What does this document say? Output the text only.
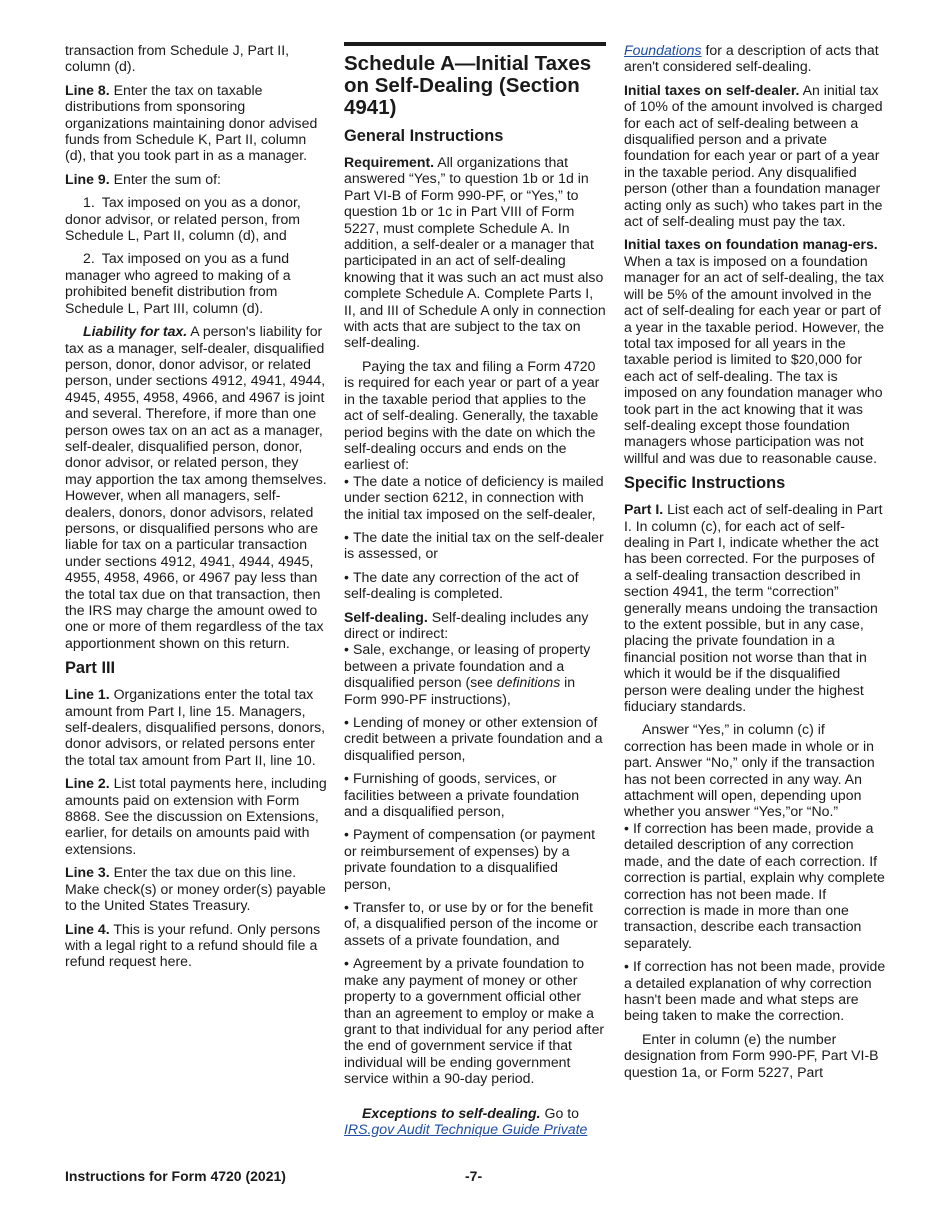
transaction from Schedule J, Part II, column (d).

Line 8. Enter the tax on taxable distributions from sponsoring organizations maintaining donor advised funds from Schedule K, Part II, column (d), that you took part in as a manager.

Line 9. Enter the sum of:

1. Tax imposed on you as a donor, donor advisor, or related person, from Schedule L, Part II, column (d), and

2. Tax imposed on you as a fund manager who agreed to making of a prohibited benefit distribution from Schedule L, Part III, column (d).

Liability for tax. A person's liability for tax as a manager, self-dealer, disqualified person, donor, donor advisor, or related person, under sections 4912, 4941, 4944, 4945, 4955, 4958, 4966, and 4967 is joint and several. Therefore, if more than one person owes tax on an act as a manager, self-dealer, disqualified person, donor, donor advisor, or related person, they may apportion the tax among themselves. However, when all managers, self-dealers, donors, donor advisors, related persons, or disqualified persons who are liable for tax on a particular transaction under sections 4912, 4941, 4944, 4945, 4955, 4958, 4966, or 4967 pay less than the total tax due on that transaction, then the IRS may charge the amount owed to one or more of them regardless of the tax apportionment shown on this return.

Part III

Line 1. Organizations enter the total tax amount from Part I, line 15. Managers, self-dealers, disqualified persons, donors, donor advisors, or related persons enter the total tax amount from Part II, line 10.

Line 2. List total payments here, including amounts paid on extension with Form 8868. See the discussion on Extensions, earlier, for details on amounts paid with extensions.

Line 3. Enter the tax due on this line. Make check(s) or money order(s) payable to the United States Treasury.

Line 4. This is your refund. Only persons with a legal right to a refund should file a refund request here.

Schedule A—Initial Taxes on Self-Dealing (Section 4941)
General Instructions

Requirement. All organizations that answered “Yes,” to question 1b or 1d in Part VI-B of Form 990-PF, or “Yes,” to question 1b or 1c in Part VIII of Form 5227, must complete Schedule A. In addition, a self-dealer or a manager that participated in an act of self-dealing knowing that it was such an act must also complete Schedule A. Complete Parts I, II, and III of Schedule A only in connection with acts that are subject to the tax on self-dealing.

Paying the tax and filing a Form 4720 is required for each year or part of a year in the taxable period that applies to the act of self-dealing. Generally, the taxable period begins with the date on which the self-dealing occurs and ends on the earliest of:

• The date a notice of deficiency is mailed under section 6212, in connection with the initial tax imposed on the self-dealer,

• The date the initial tax on the self-dealer is assessed, or

• The date any correction of the act of self-dealing is completed.

Self-dealing. Self-dealing includes any direct or indirect:

• Sale, exchange, or leasing of property between a private foundation and a disqualified person (see definitions in Form 990-PF instructions),

• Lending of money or other extension of credit between a private foundation and a disqualified person,

• Furnishing of goods, services, or facilities between a private foundation and a disqualified person,

• Payment of compensation (or payment or reimbursement of expenses) by a private foundation to a disqualified person,

• Transfer to, or use by or for the benefit of, a disqualified person of the income or assets of a private foundation, and

• Agreement by a private foundation to make any payment of money or other property to a government official other than an agreement to employ or make a grant to that individual for any period after the end of government service if that individual will be ending government service within a 90-day period.

Exceptions to self-dealing. Go to IRS.gov Audit Technique Guide Private

Foundations for a description of acts that aren't considered self-dealing.

Initial taxes on self-dealer. An initial tax of 10% of the amount involved is charged for each act of self-dealing between a disqualified person and a private foundation for each year or part of a year in the taxable period. Any disqualified person (other than a foundation manager acting only as such) who takes part in the act of self-dealing must pay the tax.

Initial taxes on foundation manag-ers. When a tax is imposed on a foundation manager for an act of self-dealing, the tax will be 5% of the amount involved in the act of self-dealing for each year or part of a year in the taxable period. However, the total tax imposed for all years in the taxable period is limited to $20,000 for each act of self-dealing. The tax is imposed on any foundation manager who took part in the act knowing that it was self-dealing except those foundation managers whose participation was not willful and was due to reasonable cause.

Specific Instructions

Part I. List each act of self-dealing in Part I. In column (c), for each act of self-dealing in Part I, indicate whether the act has been corrected. For the purposes of a self-dealing transaction described in section 4941, the term “correction” generally means undoing the transaction to the extent possible, but in any case, placing the private foundation in a financial position not worse than that in which it would be if the disqualified person were dealing under the highest fiduciary standards.

Answer “Yes,” in column (c) if correction has been made in whole or in part. Answer “No,” only if the transaction has not been corrected in any way. An attachment will open, depending upon whether you answer “Yes,”or “No.”

• If correction has been made, provide a detailed description of any correction made, and the date of each correction. If correction is partial, explain why complete correction has not been made. If correction is made in more than one transaction, describe each transaction separately.

• If correction has not been made, provide a detailed explanation of why correction hasn't been made and what steps are being taken to make the correction.

Enter in column (e) the number designation from Form 990-PF, Part VI-B question 1a, or Form 5227, Part

Instructions for Form 4720 (2021)	-7-
